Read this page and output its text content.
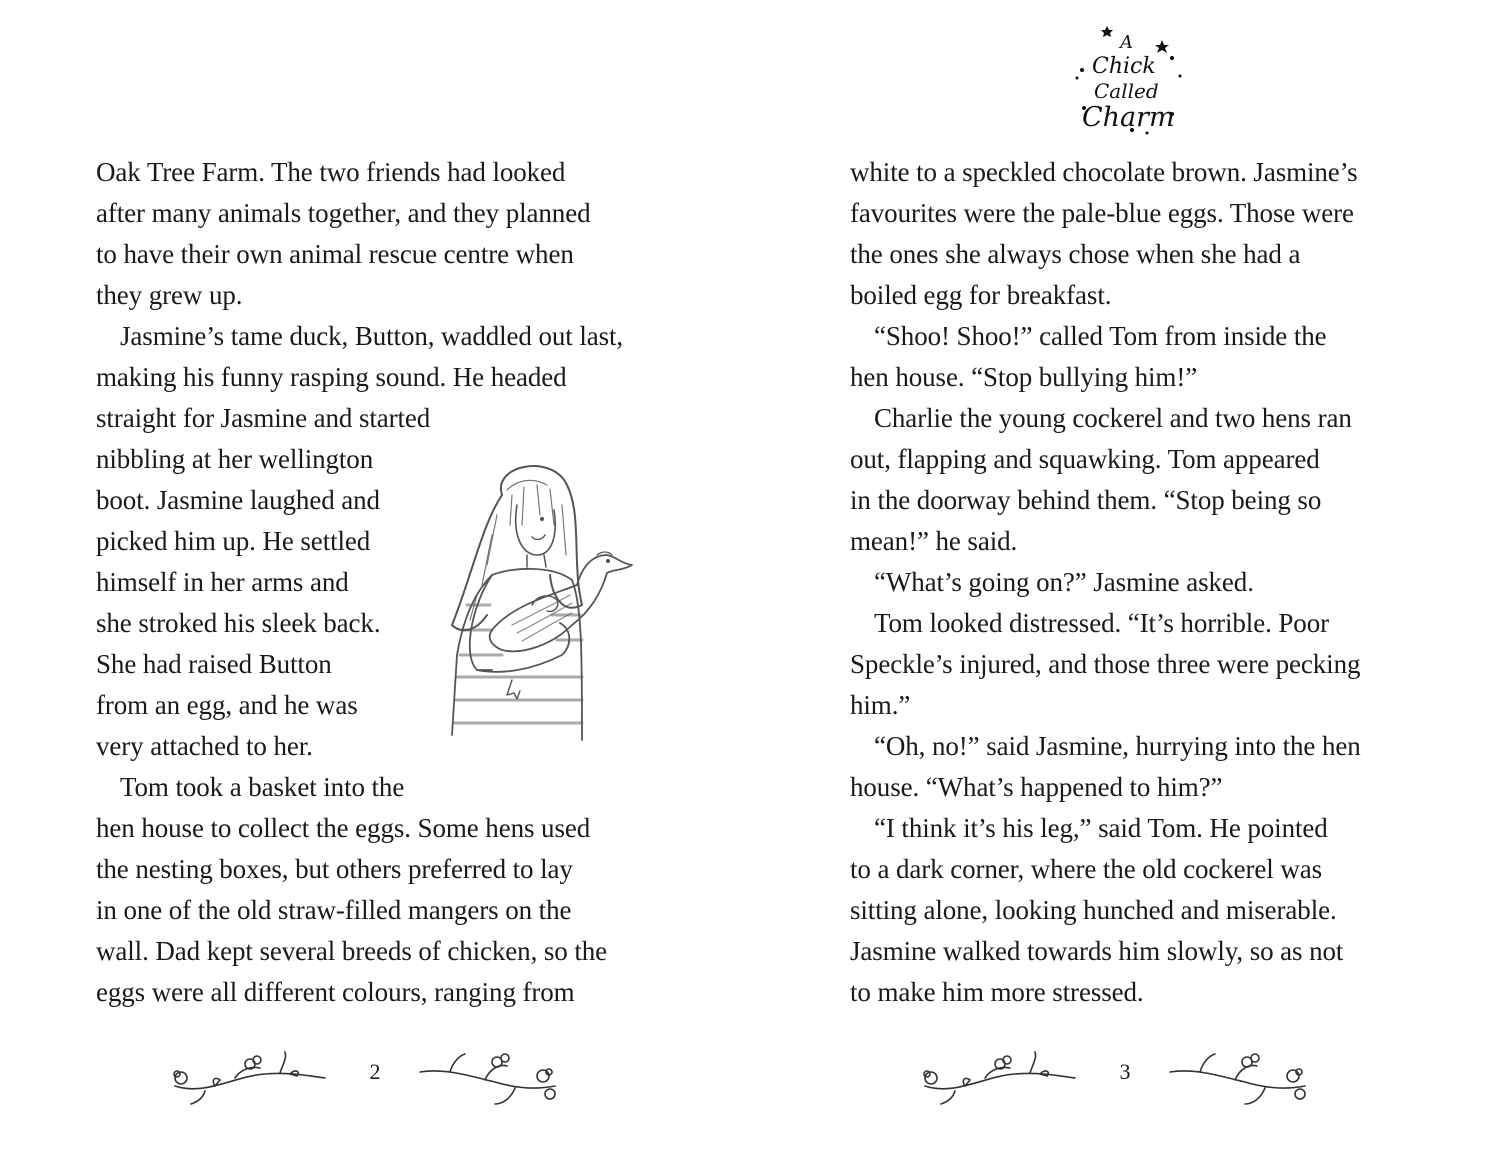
Oak Tree Farm. The two friends had looked
after many animals together, and they planned
to have their own animal rescue centre when
they grew up.
Jasmine’s tame duck, Button, waddled out last,
making his funny rasping sound. He headed
straight for Jasmine and started
nibbling at her wellington
boot. Jasmine laughed and
picked him up. He settled
himself in her arms and
she stroked his sleek back.
She had raised Button
from an egg, and he was
very attached to her.
Tom took a basket into the
hen house to collect the eggs. Some hens used
the nesting boxes, but others preferred to lay
in one of the old straw-filled mangers on the
wall. Dad kept several breeds of chicken, so the
eggs were all different colours, ranging from
2
A
Chick
Called
Charm
white to a speckled chocolate brown. Jasmine’s
favourites were the pale-blue eggs. Those were
the ones she always chose when she had a
boiled egg for breakfast.
“Shoo! Shoo!” called Tom from inside the
hen house. “Stop bullying him!”
Charlie the young cockerel and two hens ran
out, flapping and squawking. Tom appeared
in the doorway behind them. “Stop being so
mean!” he said.
“What’s going on?” Jasmine asked.
Tom looked distressed. “It’s horrible. Poor
Speckle’s injured, and those three were pecking
him.”
“Oh, no!” said Jasmine, hurrying into the hen
house. “What’s happened to him?”
“I think it’s his leg,” said Tom. He pointed
to a dark corner, where the old cockerel was
sitting alone, looking hunched and miserable.
Jasmine walked towards him slowly, so as not
to make him more stressed.
3
